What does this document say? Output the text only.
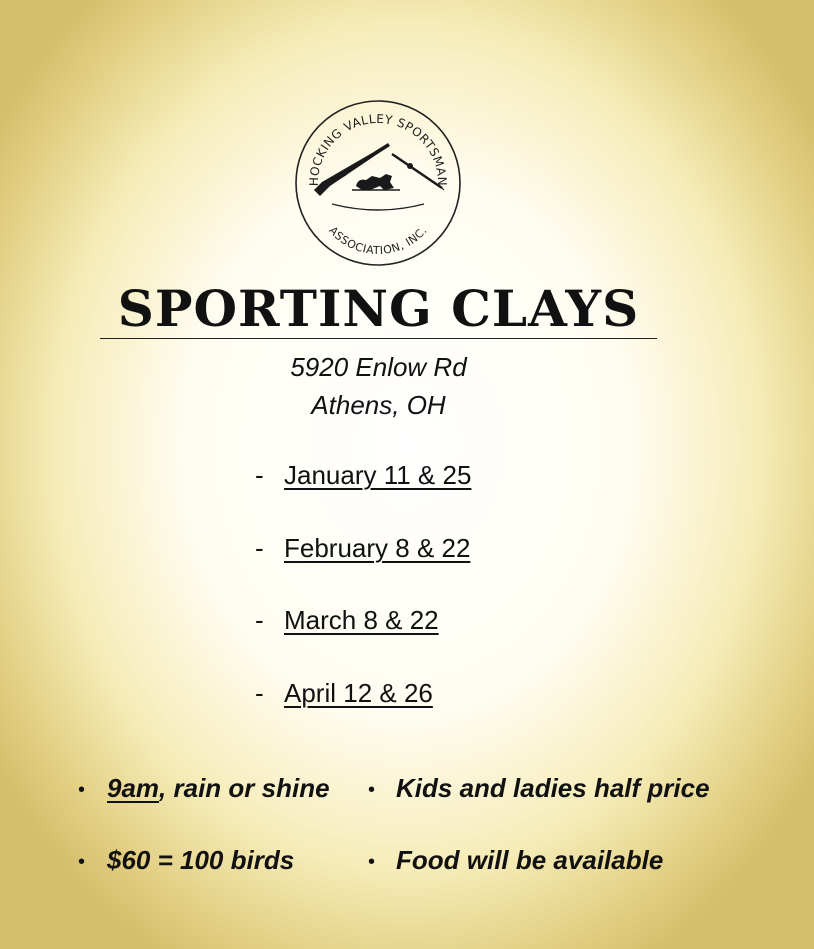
HOCKING VALLEY SPORTSMAN
ASSOCIATION, INC.
SPORTING CLAYS
5920 Enlow Rd
Athens, OH
- January 11 & 25
- February 8 & 22
- March 8 & 22
- April 12 & 26
• 9am, rain or shine • Kids and ladies half price
• $60 = 100 birds	• Food will be available
